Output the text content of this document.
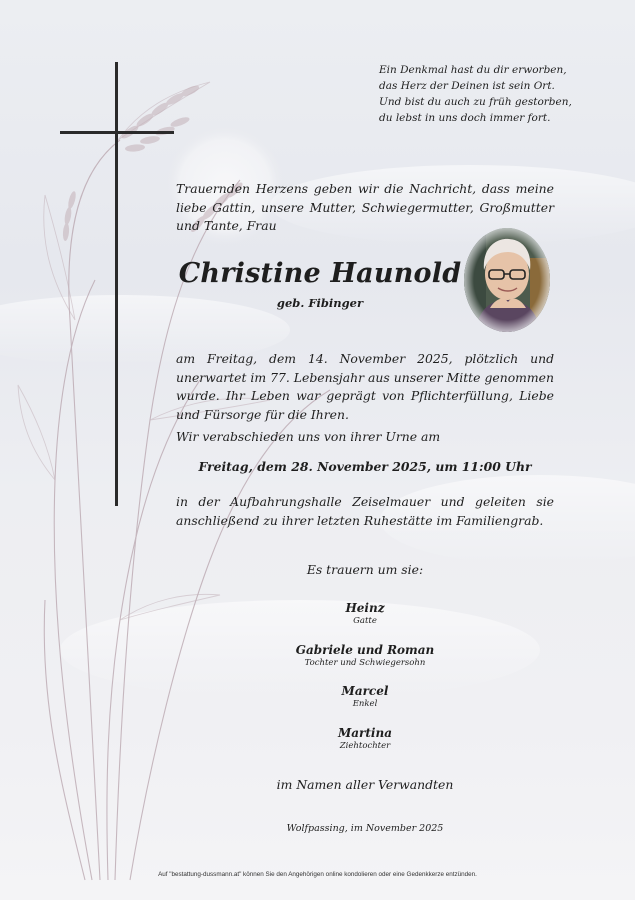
Ein Denkmal hast du dir erworben,
das Herz der Deinen ist sein Ort.
Und bist du auch zu früh gestorben,
du lebst in uns doch immer fort.
Trauernden Herzens geben wir die Nachricht, dass meine liebe Gattin, unsere Mutter, Schwiegermutter, Großmutter und Tante, Frau
Christine Haunold
geb. Fibinger
am Freitag, dem 14. November 2025, plötzlich und unerwartet im 77. Lebensjahr aus unserer Mitte genommen wurde. Ihr Leben war geprägt von Pflichterfüllung, Liebe und Fürsorge für die Ihren.
Wir verabschieden uns von ihrer Urne am
Freitag, dem 28. November 2025, um 11:00 Uhr
in der Aufbahrungshalle Zeiselmauer und geleiten sie anschließend zu ihrer letzten Ruhestätte im Familiengrab.
Es trauern um sie:
Heinz
Gatte
Gabriele und Roman
Tochter und Schwiegersohn
Marcel
Enkel
Martina
Ziehtochter
im Namen aller Verwandten
Wolfpassing, im November 2025
Auf "bestattung-dussmann.at" können Sie den Angehörigen online kondolieren oder eine Gedenkkerze entzünden.
